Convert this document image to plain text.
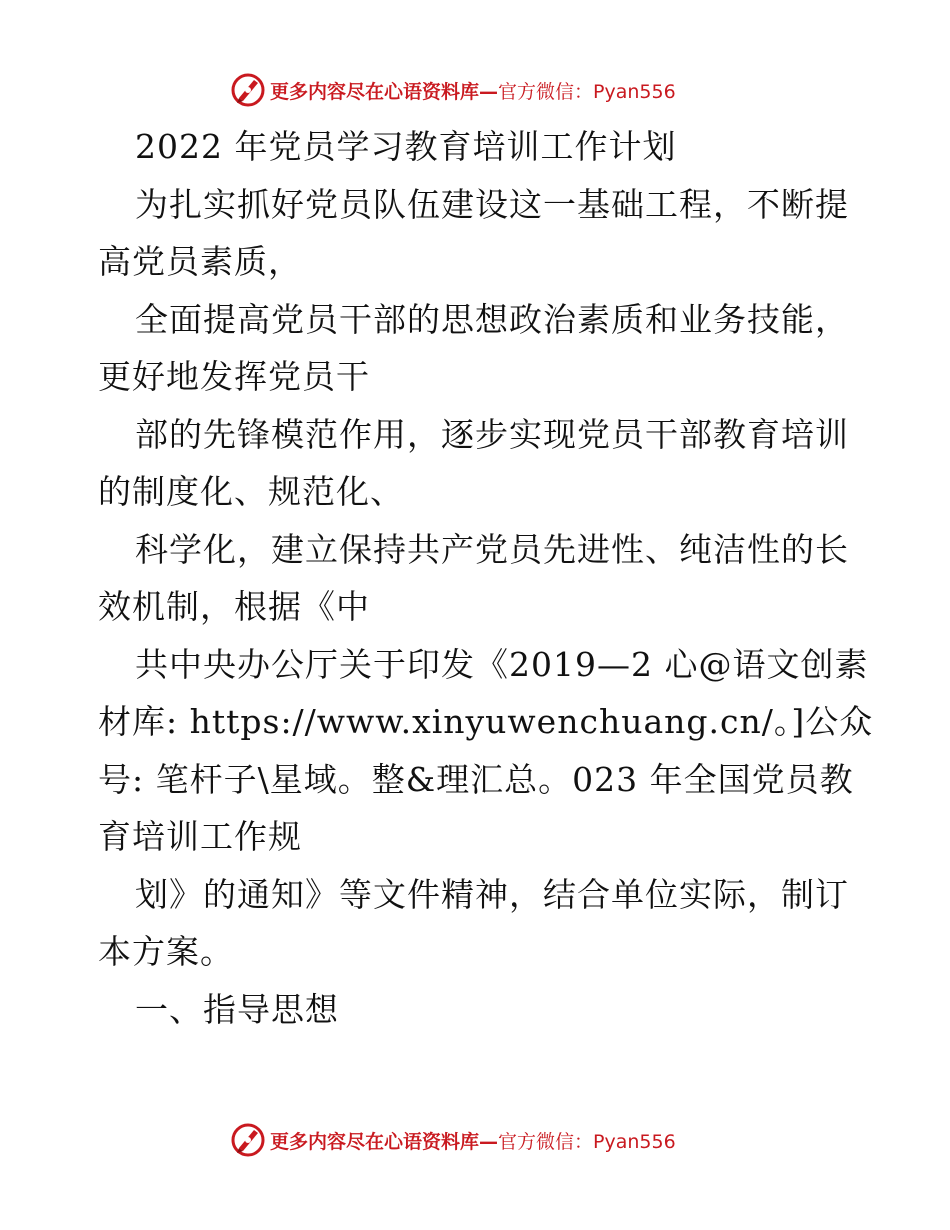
更多内容尽在心语资料库—官方微信：Pyan556
2022 年党员学习教育培训工作计划
为扎实抓好党员队伍建设这一基础工程，不断提
高党员素质，
全面提高党员干部的思想政治素质和业务技能，
更好地发挥党员干
部的先锋模范作用，逐步实现党员干部教育培训
的制度化、规范化、
科学化，建立保持共产党员先进性、纯洁性的长
效机制，根据《中
共中央办公厅关于印发《2019—2 心@语文创素
材库: https://www.xinyuwenchuang.cn/。]公众
号: 笔杆子\星域。整&理汇总。023 年全国党员教
育培训工作规
划》的通知》等文件精神，结合单位实际，制订
本方案。
一、指导思想
更多内容尽在心语资料库—官方微信：Pyan556
